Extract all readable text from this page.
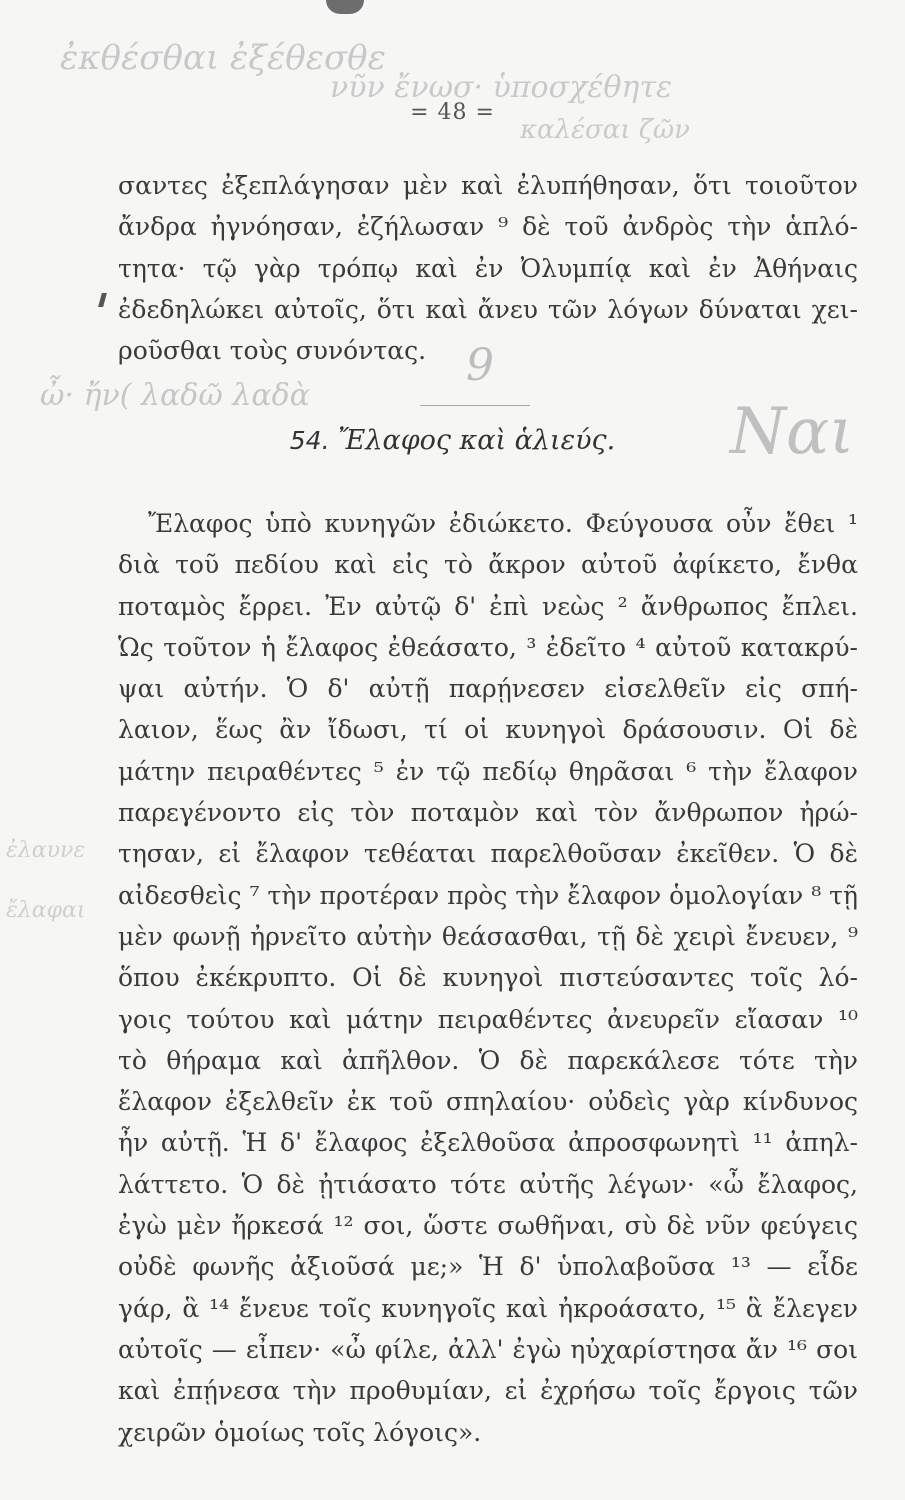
ἐκθέσθαι ἐξέθεσθε
νῦν ἔνωσ· ὑποσχέθητε
καλέσαι ζῶν
= 48 =
σαντες ἐξεπλάγησαν μὲν καὶ ἐλυπήθησαν, ὅτι τοιοῦτον
ἄνδρα ἠγνόησαν, ἐζήλωσαν ⁹ δὲ τοῦ ἀνδρὸς τὴν ἁπλό-
τητα· τῷ γὰρ τρόπῳ καὶ ἐν Ὀλυμπίᾳ καὶ ἐν Ἀθήναις
ἐδεδηλώκει αὐτοῖς, ὅτι καὶ ἄνευ τῶν λόγων δύναται χει-
ροῦσθαι τοὺς συνόντας. 9
ὦ· ἤν( λαδῶ λαδὰ	Ναι
54. Ἔλαφος καὶ ἁλιεύς.
Ἔλαφος ὑπὸ κυνηγῶν ἐδιώκετο. Φεύγουσα οὖν ἔθει ¹
διὰ τοῦ πεδίου καὶ εἰς τὸ ἄκρον αὐτοῦ ἀφίκετο, ἔνθα
ποταμὸς ἔρρει. Ἐν αὐτῷ δ' ἐπὶ νεὼς ² ἄνθρωπος ἔπλει.
Ὡς τοῦτον ἡ ἔλαφος ἐθεάσατο, ³ ἐδεῖτο ⁴ αὐτοῦ κατακρύ-
ψαι αὐτήν. Ὁ δ' αὐτῇ παρῄνεσεν εἰσελθεῖν εἰς σπή-
λαιον, ἕως ἂν ἴδωσι, τί οἱ κυνηγοὶ δράσουσιν. Οἱ δὲ
μάτην πειραθέντες ⁵ ἐν τῷ πεδίῳ θηρᾶσαι ⁶ τὴν ἔλαφον
παρεγένοντο εἰς τὸν ποταμὸν καὶ τὸν ἄνθρωπον ἠρώ-
τησαν, εἰ ἔλαφον τεθέαται παρελθοῦσαν ἐκεῖθεν. Ὁ δὲ
αἰδεσθεὶς ⁷ τὴν προτέραν πρὸς τὴν ἔλαφον ὁμολογίαν ⁸ τῇ
μὲν φωνῇ ἠρνεῖτο αὐτὴν θεάσασθαι, τῇ δὲ χειρὶ ἔνευεν, ⁹
ὅπου ἐκέκρυπτο. Οἱ δὲ κυνηγοὶ πιστεύσαντες τοῖς λό-
γοις τούτου καὶ μάτην πειραθέντες ἀνευρεῖν εἴασαν ¹⁰
τὸ θήραμα καὶ ἀπῆλθον. Ὁ δὲ παρεκάλεσε τότε τὴν
ἔλαφον ἐξελθεῖν ἐκ τοῦ σπηλαίου· οὐδεὶς γὰρ κίνδυνος
ἦν αὐτῇ. Ἡ δ' ἔλαφος ἐξελθοῦσα ἀπροσφωνητὶ ¹¹ ἀπηλ-
λάττετο. Ὁ δὲ ᾐτιάσατο τότε αὐτῆς λέγων· «ὦ ἔλαφος,
ἐγὼ μὲν ἤρκεσά ¹² σοι, ὥστε σωθῆναι, σὺ δὲ νῦν φεύγεις
οὐδὲ φωνῆς ἀξιοῦσά με;» Ἡ δ' ὑπολαβοῦσα ¹³ — εἶδε
γάρ, ἃ ¹⁴ ἔνευε τοῖς κυνηγοῖς καὶ ἠκροάσατο, ¹⁵ ἃ ἔλεγεν
αὐτοῖς — εἶπεν· «ὦ φίλε, ἀλλ' ἐγὼ ηὐχαρίστησα ἄν ¹⁶ σοι
καὶ ἐπῄνεσα τὴν προθυμίαν, εἰ ἐχρήσω τοῖς ἔργοις τῶν
χειρῶν ὁμοίως τοῖς λόγοις».
ἐλαυνε
ἔλαφαι
